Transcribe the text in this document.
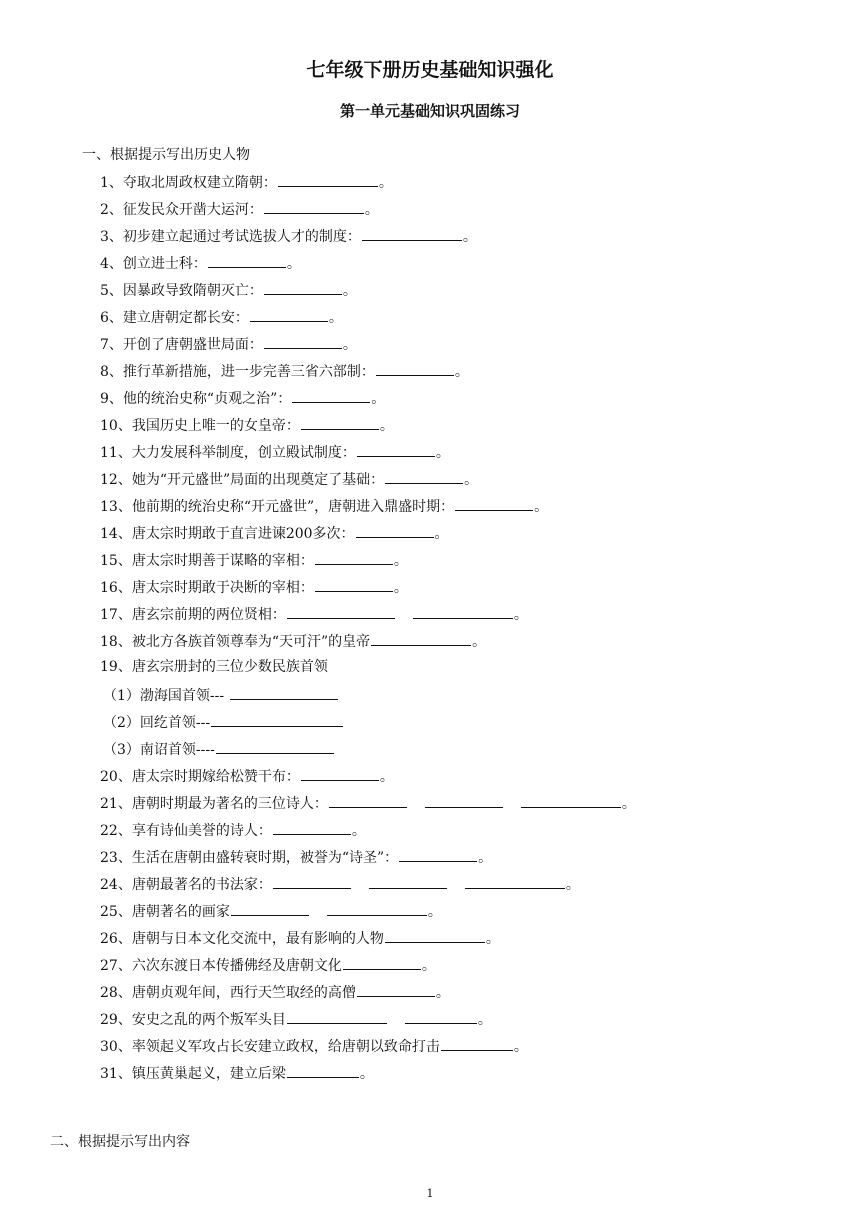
七年级下册历史基础知识强化
第一单元基础知识巩固练习
一、根据提示写出历史人物
1、夺取北周政权建立隋朝：	。
2、征发民众开凿大运河：	。
3、初步建立起通过考试选拔人才的制度：	。
4、创立进士科：	。
5、因暴政导致隋朝灭亡：	。
6、建立唐朝定都长安：	。
7、开创了唐朝盛世局面：	。
8、推行革新措施，进一步完善三省六部制：	。
9、他的统治史称“贞观之治”：	。
10、我国历史上唯一的女皇帝：	。
11、大力发展科举制度，创立殿试制度：	。
12、她为“开元盛世”局面的出现奠定了基础：	。
13、他前期的统治史称“开元盛世”，唐朝进入鼎盛时期：	。
14、唐太宗时期敢于直言进谏200多次：	。
15、唐太宗时期善于谋略的宰相：	。
16、唐太宗时期敢于决断的宰相：	。
17、唐玄宗前期的两位贤相：	。
18、被北方各族首领尊奉为“天可汗”的皇帝	。
19、唐玄宗册封的三位少数民族首领
（1）渤海国首领---
（2）回纥首领---
（3）南诏首领----
20、唐太宗时期嫁给松赞干布：	。
21、唐朝时期最为著名的三位诗人：	。
22、享有诗仙美誉的诗人：	。
23、生活在唐朝由盛转衰时期，被誉为“诗圣”：	。
24、唐朝最著名的书法家：	。
25、唐朝著名的画家	。
26、唐朝与日本文化交流中，最有影响的人物	。
27、六次东渡日本传播佛经及唐朝文化	。
28、唐朝贞观年间，西行天竺取经的高僧	。
29、安史之乱的两个叛军头目	。
30、率领起义军攻占长安建立政权，给唐朝以致命打击	。
31、镇压黄巢起义，建立后梁	。
二、根据提示写出内容
1
